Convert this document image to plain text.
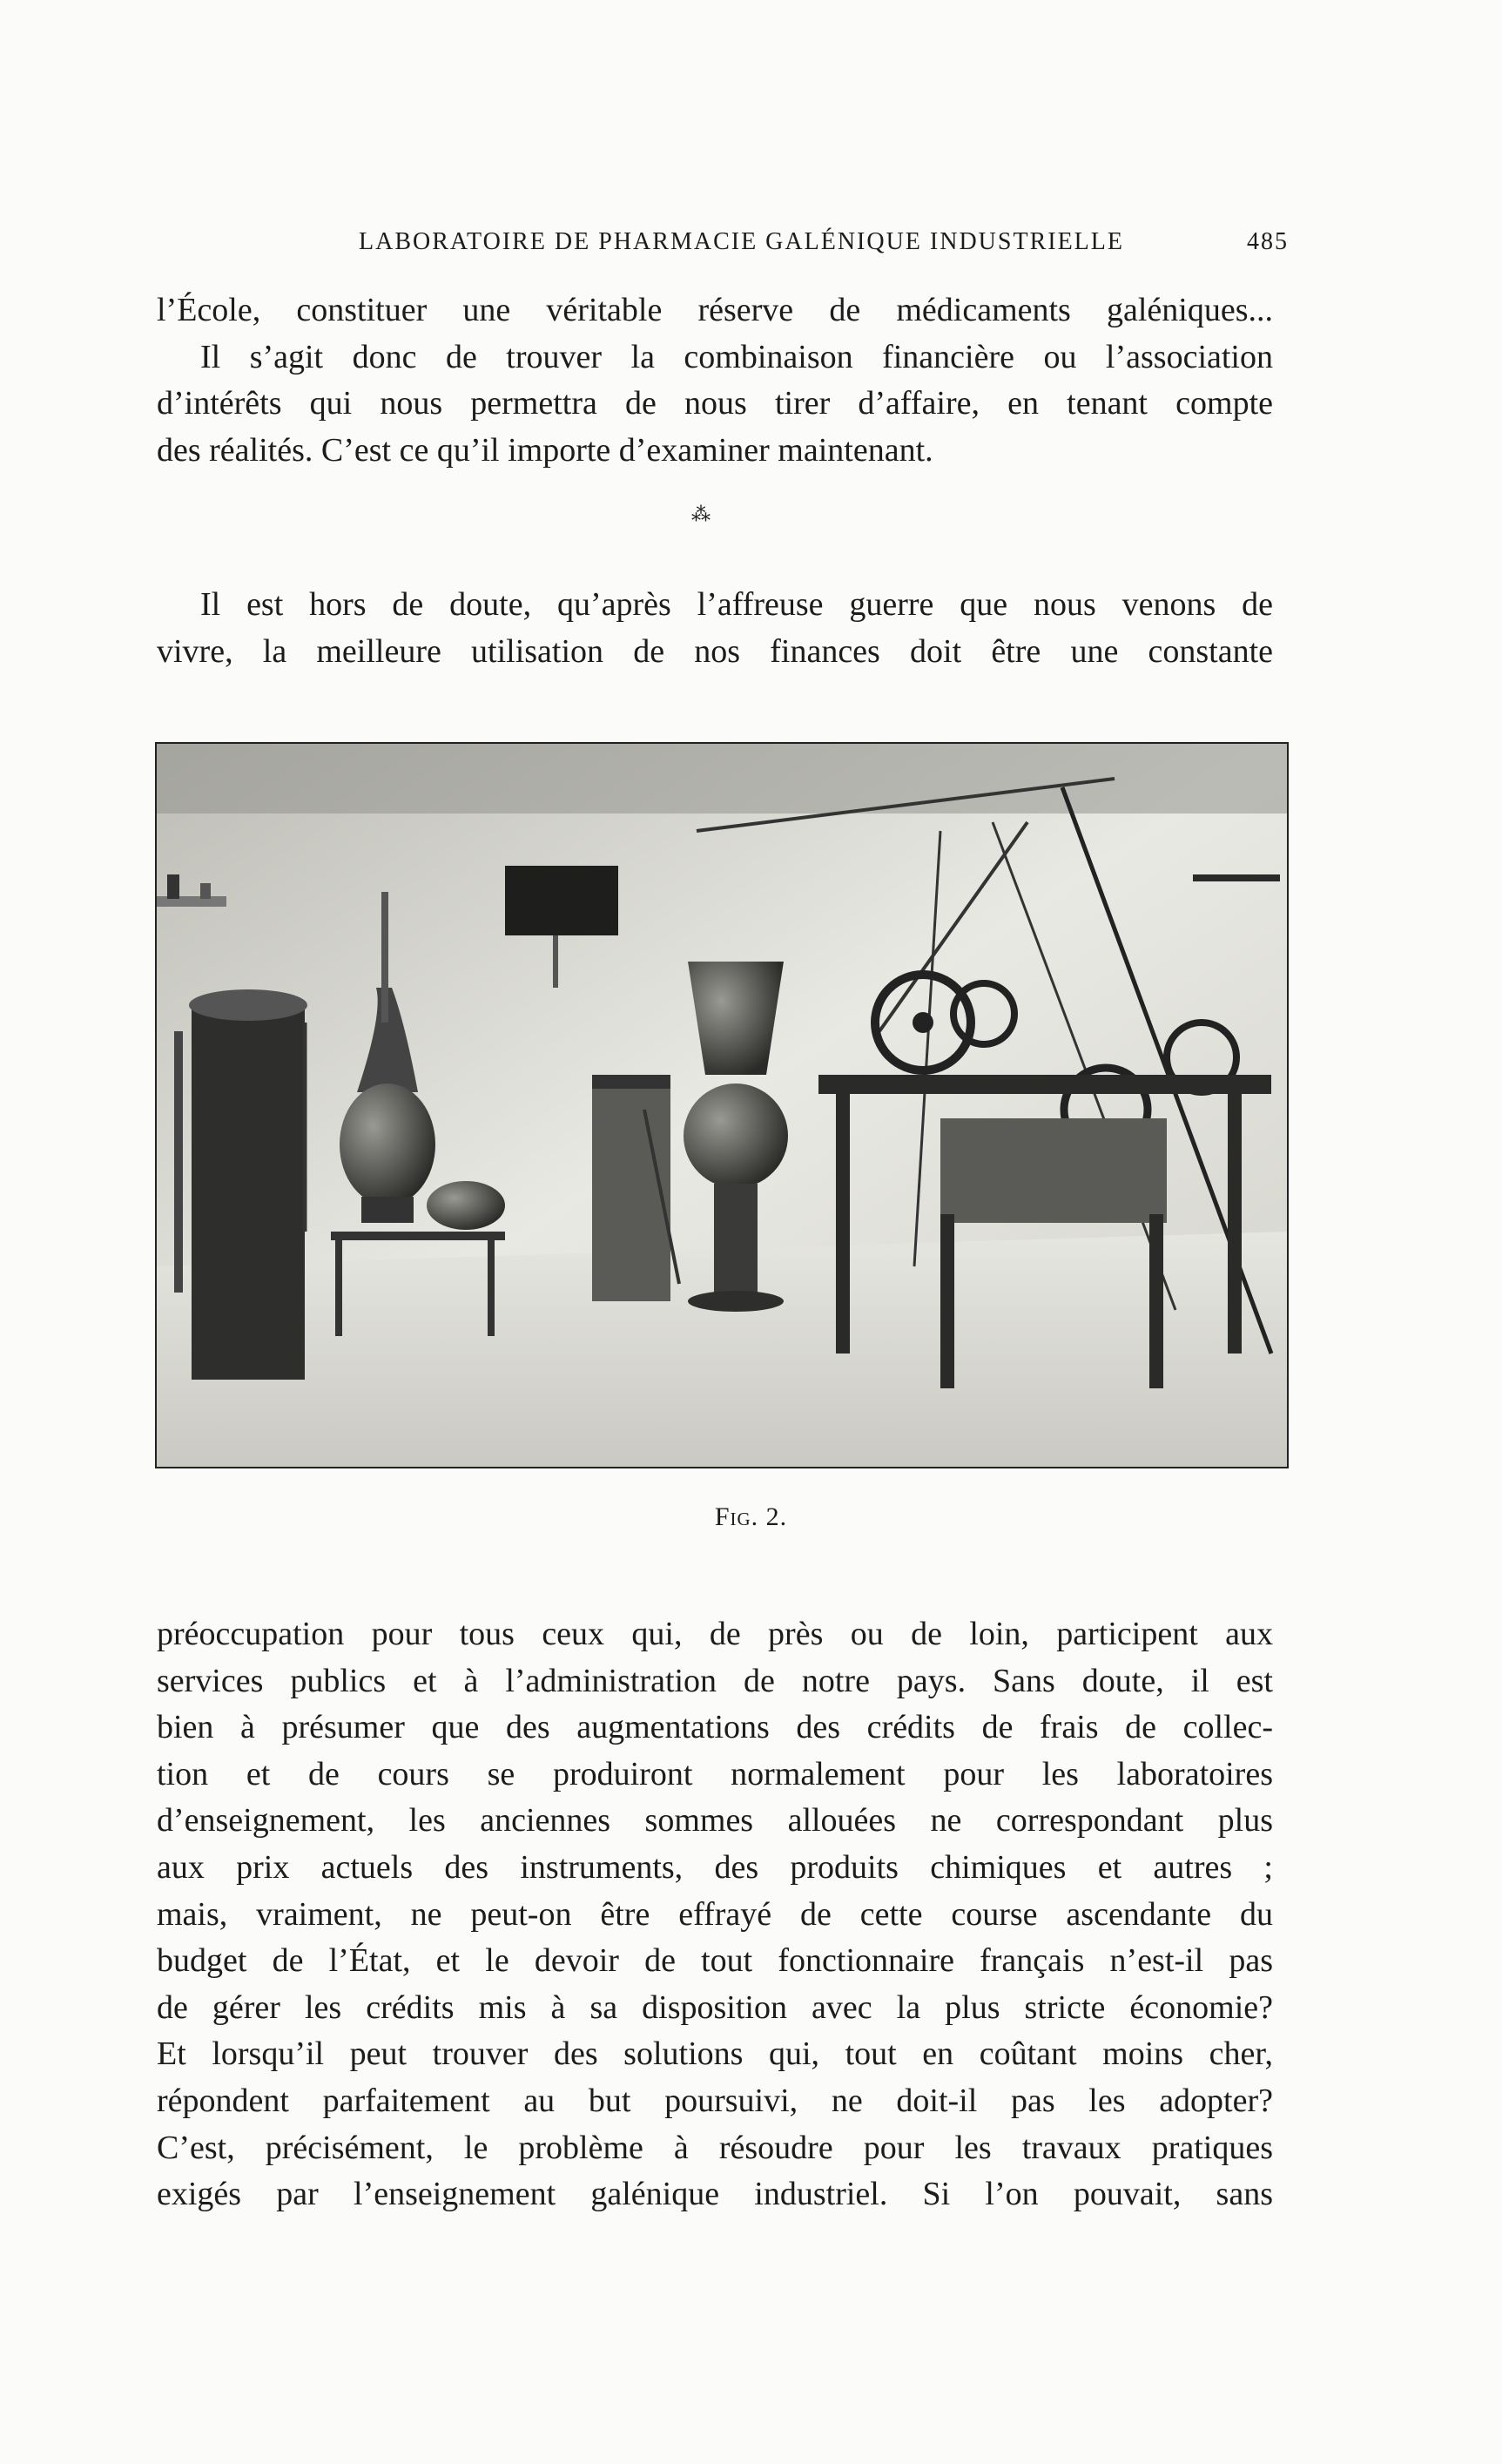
LABORATOIRE DE PHARMACIE GALÉNIQUE INDUSTRIELLE	485
l’École, constituer une véritable réserve de médicaments galéniques...
Il s’agit donc de trouver la combinaison financière ou l’association
d’intérêts qui nous permettra de nous tirer d’affaire, en tenant compte
des réalités. C’est ce qu’il importe d’examiner maintenant.
⁂
Il est hors de doute, qu’après l’affreuse guerre que nous venons de
vivre, la meilleure utilisation de nos finances doit être une constante
Fig. 2.
préoccupation pour tous ceux qui, de près ou de loin, participent aux
services publics et à l’administration de notre pays. Sans doute, il est
bien à présumer que des augmentations des crédits de frais de collec-
tion et de cours se produiront normalement pour les laboratoires
d’enseignement, les anciennes sommes allouées ne correspondant plus
aux prix actuels des instruments, des produits chimiques et autres ;
mais, vraiment, ne peut-on être effrayé de cette course ascendante du
budget de l’État, et le devoir de tout fonctionnaire français n’est-il pas
de gérer les crédits mis à sa disposition avec la plus stricte économie?
Et lorsqu’il peut trouver des solutions qui, tout en coûtant moins cher,
répondent parfaitement au but poursuivi, ne doit-il pas les adopter?
C’est, précisément, le problème à résoudre pour les travaux pratiques
exigés par l’enseignement galénique industriel. Si l’on pouvait, sans
